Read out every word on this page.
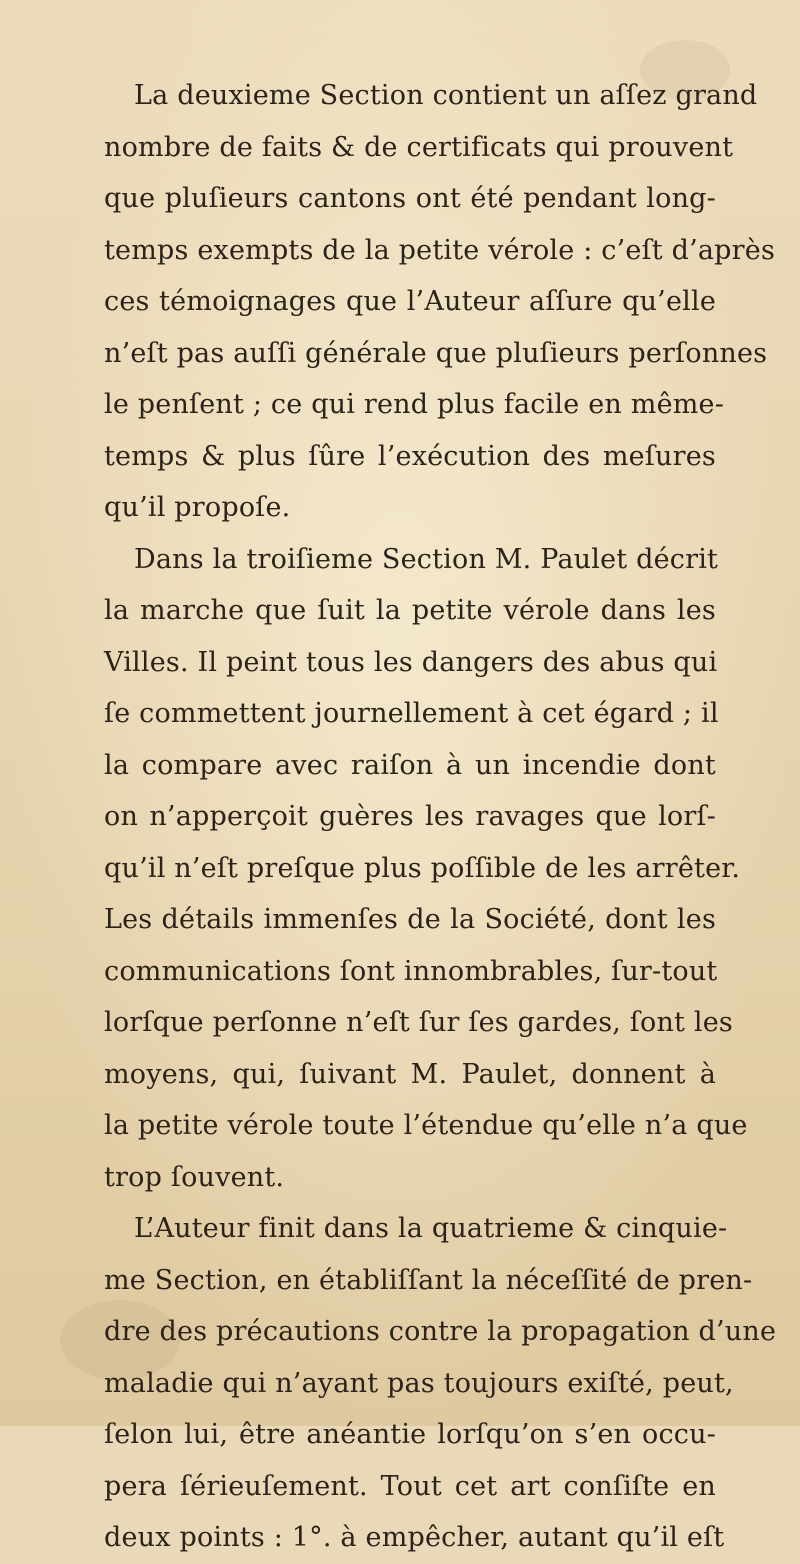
La deuxieme Section contient un aſſez grand
nombre de faits & de certificats qui prouvent
que pluſieurs cantons ont été pendant long-
temps exempts de la petite vérole : c’eſt d’après
ces témoignages que l’Auteur aſſure qu’elle
n’eſt pas auſſi générale que pluſieurs perſonnes
le penſent ; ce qui rend plus facile en même-
temps & plus ſûre l’exécution des meſures
qu’il propoſe.
Dans la troiſieme Section M. Paulet décrit
la marche que ſuit la petite vérole dans les
Villes. Il peint tous les dangers des abus qui
ſe commettent journellement à cet égard ; il
la compare avec raiſon à un incendie dont
on n’apperçoit guères les ravages que lorſ-
qu’il n’eſt preſque plus poſſible de les arrêter.
Les détails immenſes de la Société, dont les
communications ſont innombrables, ſur-tout
lorſque perſonne n’eſt ſur ſes gardes, ſont les
moyens, qui, ſuivant M. Paulet, donnent à
la petite vérole toute l’étendue qu’elle n’a que
trop ſouvent.
L’Auteur finit dans la quatrieme & cinquie-
me Section, en établiſſant la néceſſité de pren-
dre des précautions contre la propagation d’une
maladie qui n’ayant pas toujours exiſté, peut,
ſelon lui, être anéantie lorſqu’on s’en occu-
pera ſérieuſement. Tout cet art conſiſte en
deux points : 1°. à empêcher, autant qu’il eſt
